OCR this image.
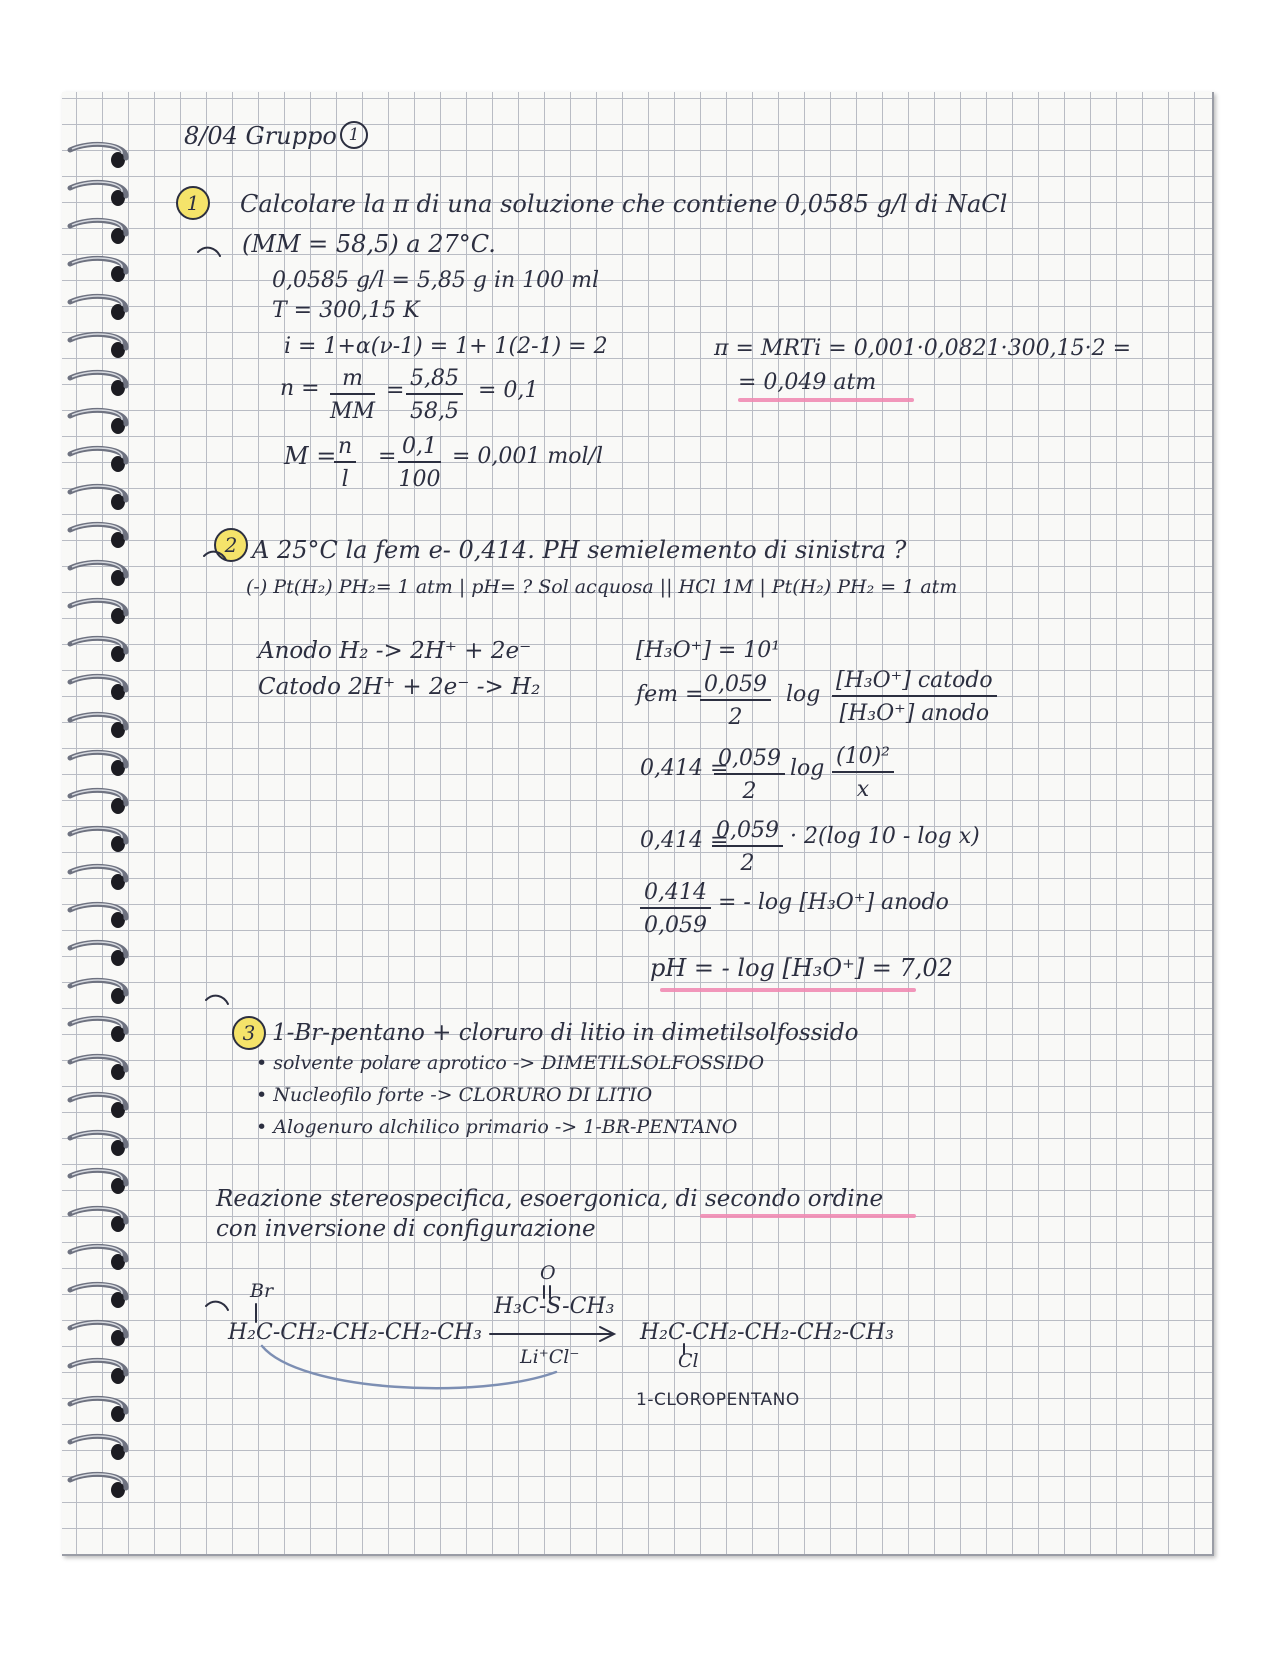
8/04 Gruppo 1
1	Calcolare la π di una soluzione che contiene 0,0585 g/l di NaCl
(MM = 58,5) a 27°C.
0,0585 g/l = 5,85 g in 100 ml
T = 300,15 K
i = 1+α(ν-1) = 1+ 1(2-1) = 2
$n = \frac{m}{MM} = \frac{5,85}{58,5} = 0,1$
M =
$\frac{n}{l} = \frac{0,1}{100} = 0,001$ mol/l
π = MRTi = 0,001·0,0821·300,15·2 =
= 0,049 atm
2 A 25°C la fem e- 0,414. PH semielemento di sinistra ?
(-) Pt(H₂) PH₂= 1 atm | pH= ? Sol acquosa || HCl 1M | Pt(H₂) PH₂ = 1 atm
Anodo H₂ -> 2H⁺ + 2e⁻
Catodo 2H⁺ + 2e⁻ -> H₂
[H₃O⁺] = 10¹
fem =
$\frac{0,059}{2}$ log
[H₃O⁺] catodo
[H₃O⁺] anodo
0,414 =
$\frac{0,059}{2}$ $\log \frac{\text{(10)²}}{x}$
0,414 =
$\frac{0,059}{2} \cdot 2(\log$ 10 - log x)
$\frac{0,414}{0,059}$ = - log [H₃O⁺] anodo
pH = - log [H₃O⁺] = 7,02
3 1-Br-pentano + cloruro di litio in dimetilsolfossido
• solvente polare aprotico -> DIMETILSOLFOSSIDO
• Nucleofilo forte -> CLORURO DI LITIO
• Alogenuro alchilico primario -> 1-BR-PENTANO
Reazione stereospecifica, esoergonica, di secondo ordine
con inversione di configurazione
Br
H₂C-CH₂-CH₂-CH₂-CH₃
O
H₃C-S-CH₃
Li⁺Cl⁻
H₂C-CH₂-CH₂-CH₂-CH₃
Cl
1-CLOROPENTANO
